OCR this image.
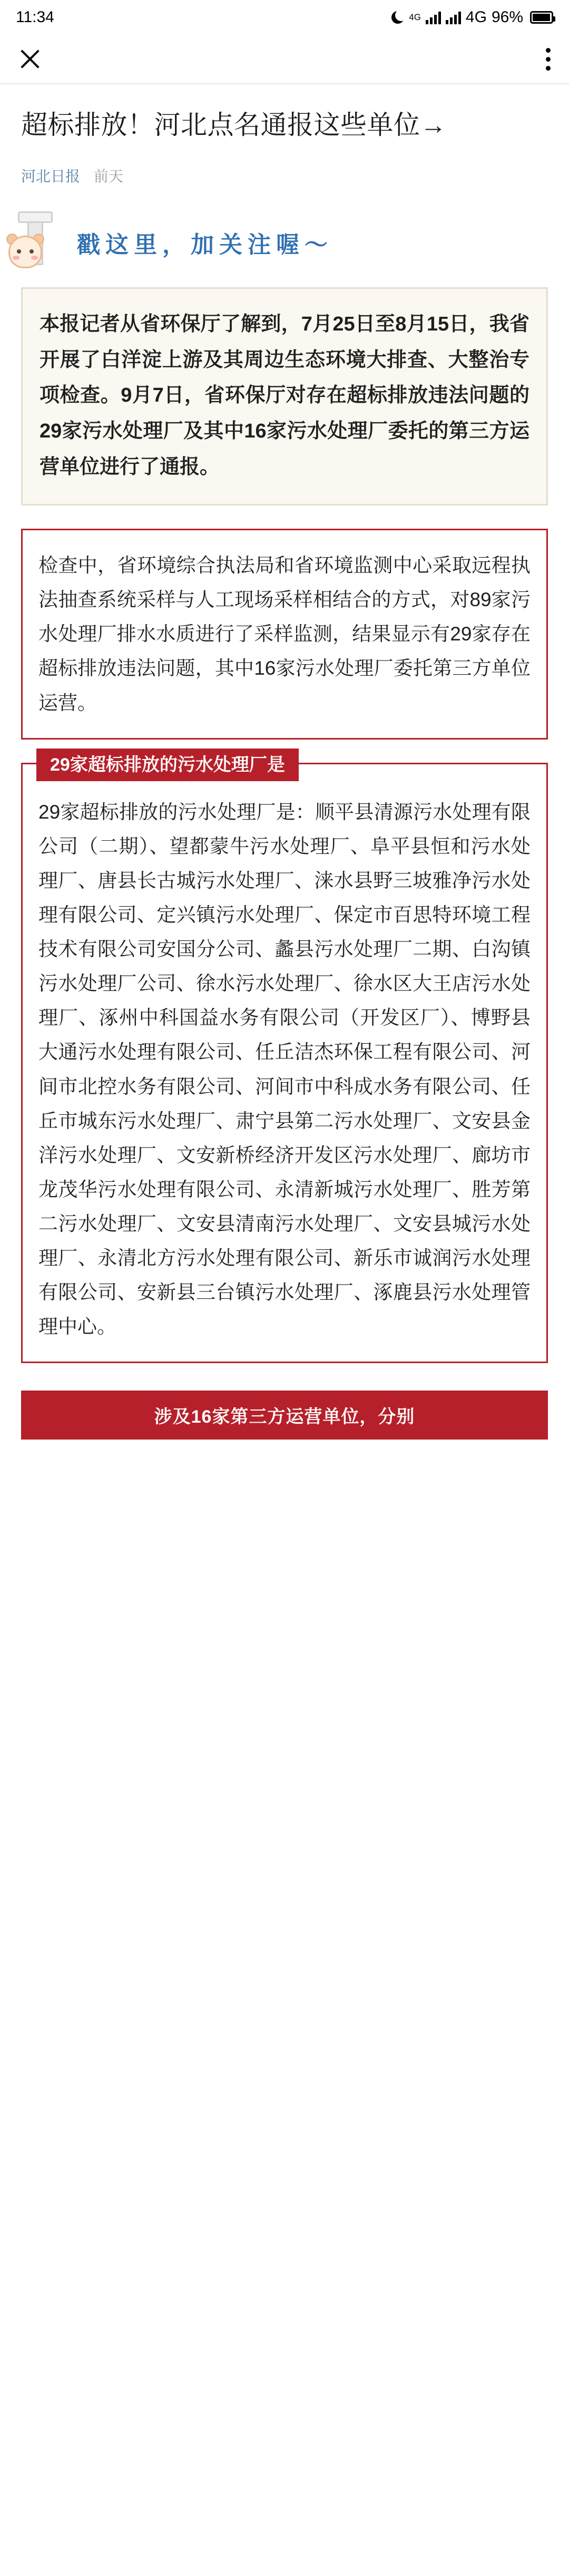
11:34	4G	4G 96%
超标排放！河北点名通报这些单位→
河北日报 前天
戳这里，加关注喔～
本报记者从省环保厅了解到，7月25日至8月15日，我省开展了白洋淀上游及其周边生态环境大排查、大整治专项检查。9月7日，省环保厅对存在超标排放违法问题的29家污水处理厂及其中16家污水处理厂委托的第三方运营单位进行了通报。

检查中，省环境综合执法局和省环境监测中心采取远程执法抽查系统采样与人工现场采样相结合的方式，对89家污水处理厂排水水质进行了采样监测，结果显示有29家存在超标排放违法问题，其中16家污水处理厂委托第三方单位运营。

29家超标排放的污水处理厂是

29家超标排放的污水处理厂是：顺平县清源污水处理有限公司（二期）、望都蒙牛污水处理厂、阜平县恒和污水处理厂、唐县长古城污水处理厂、涞水县野三坡雅净污水处理有限公司、定兴镇污水处理厂、保定市百思特环境工程技术有限公司安国分公司、蠡县污水处理厂二期、白沟镇污水处理厂公司、徐水污水处理厂、徐水区大王店污水处理厂、涿州中科国益水务有限公司（开发区厂）、博野县大通污水处理有限公司、任丘洁杰环保工程有限公司、河间市北控水务有限公司、河间市中科成水务有限公司、任丘市城东污水处理厂、肃宁县第二污水处理厂、文安县金洋污水处理厂、文安新桥经济开发区污水处理厂、廊坊市龙茂华污水处理有限公司、永清新城污水处理厂、胜芳第二污水处理厂、文安县清南污水处理厂、文安县城污水处理厂、永清北方污水处理有限公司、新乐市诚润污水处理有限公司、安新县三台镇污水处理厂、涿鹿县污水处理管理中心。

涉及16家第三方运营单位，分别
